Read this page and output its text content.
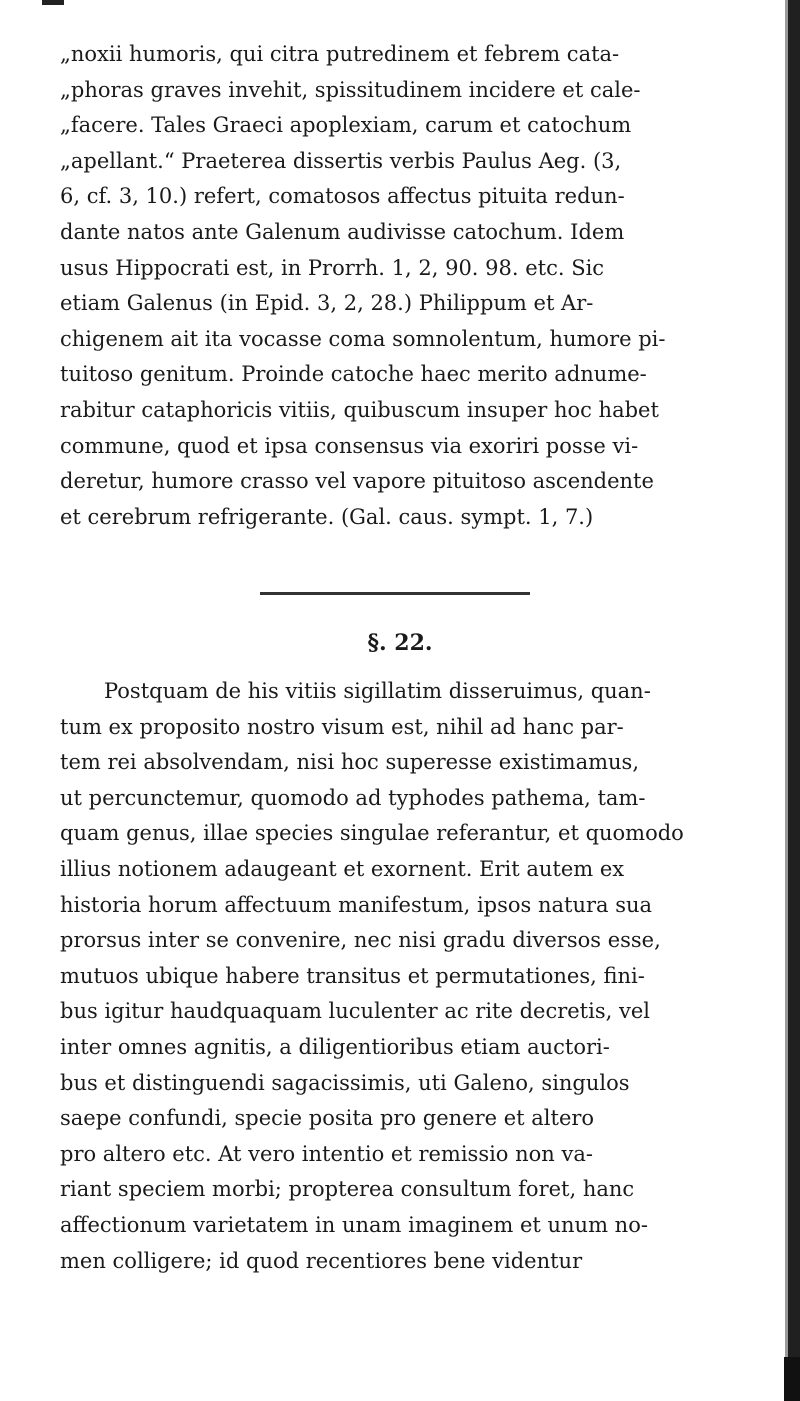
„noxii humoris, qui citra putredinem et febrem cata-
„phoras graves invehit, spissitudinem incidere et cale-
„facere. Tales Graeci apoplexiam, carum et catochum
„apellant.“ Praeterea dissertis verbis Paulus Aeg. (3,
6, cf. 3, 10.) refert, comatosos affectus pituita redun-
dante natos ante Galenum audivisse catochum. Idem
usus Hippocrati est, in Prorrh. 1, 2, 90. 98. etc. Sic
etiam Galenus (in Epid. 3, 2, 28.) Philippum et Ar-
chigenem ait ita vocasse coma somnolentum, humore pi-
tuitoso genitum. Proinde catoche haec merito adnume-
rabitur cataphoricis vitiis, quibuscum insuper hoc habet
commune, quod et ipsa consensus via exoriri posse vi-
deretur, humore crasso vel vapore pituitoso ascendente
et cerebrum refrigerante. (Gal. caus. sympt. 1, 7.)
§. 22.
Postquam de his vitiis sigillatim disseruimus, quan-
tum ex proposito nostro visum est, nihil ad hanc par-
tem rei absolvendam, nisi hoc superesse existimamus,
ut percunctemur, quomodo ad typhodes pathema, tam-
quam genus, illae species singulae referantur, et quomodo
illius notionem adaugeant et exornent. Erit autem ex
historia horum affectuum manifestum, ipsos natura sua
prorsus inter se convenire, nec nisi gradu diversos esse,
mutuos ubique habere transitus et permutationes, fini-
bus igitur haudquaquam luculenter ac rite decretis, vel
inter omnes agnitis, a diligentioribus etiam auctori-
bus et distinguendi sagacissimis, uti Galeno, singulos
saepe confundi, specie posita pro genere et altero
pro altero etc. At vero intentio et remissio non va-
riant speciem morbi; propterea consultum foret, hanc
affectionum varietatem in unam imaginem et unum no-
men colligere; id quod recentiores bene videntur
